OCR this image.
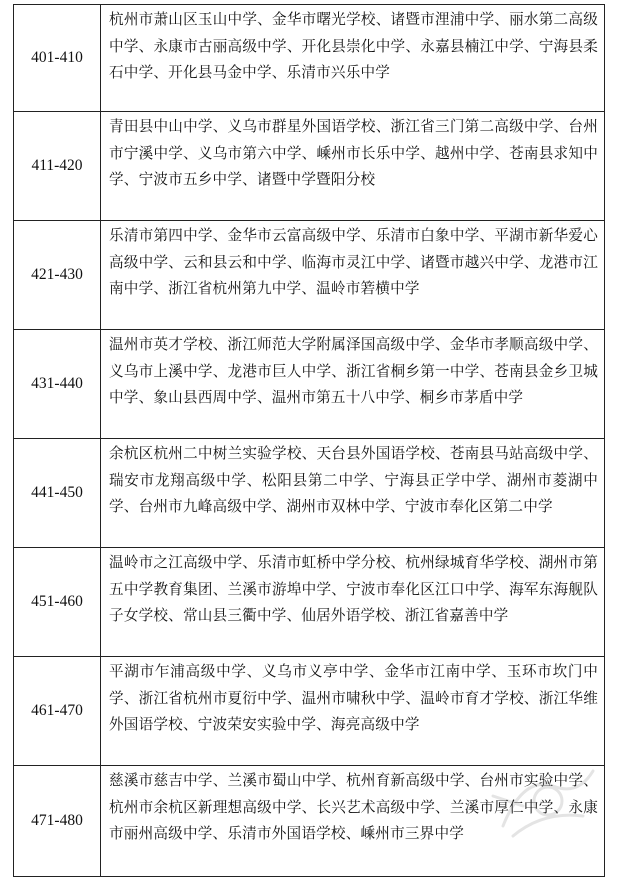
401-410	杭州市萧山区玉山中学、金华市曙光学校、诸暨市浬浦中学、丽水第二高级中学、永康市古丽高级中学、开化县崇化中学、永嘉县楠江中学、宁海县柔石中学、开化县马金中学、乐清市兴乐中学
411-420	青田县中山中学、义乌市群星外国语学校、浙江省三门第二高级中学、台州市宁溪中学、义乌市第六中学、嵊州市长乐中学、越州中学、苍南县求知中学、宁波市五乡中学、诸暨中学暨阳分校
421-430	乐清市第四中学、金华市云富高级中学、乐清市白象中学、平湖市新华爱心高级中学、云和县云和中学、临海市灵江中学、诸暨市越兴中学、龙港市江南中学、浙江省杭州第九中学、温岭市箬横中学
431-440	温州市英才学校、浙江师范大学附属泽国高级中学、金华市孝顺高级中学、义乌市上溪中学、龙港市巨人中学、浙江省桐乡第一中学、苍南县金乡卫城中学、象山县西周中学、温州市第五十八中学、桐乡市茅盾中学
441-450	余杭区杭州二中树兰实验学校、天台县外国语学校、苍南县马站高级中学、瑞安市龙翔高级中学、松阳县第二中学、宁海县正学中学、湖州市菱湖中学、台州市九峰高级中学、湖州市双林中学、宁波市奉化区第二中学
451-460	温岭市之江高级中学、乐清市虹桥中学分校、杭州绿城育华学校、湖州市第五中学教育集团、兰溪市游埠中学、宁波市奉化区江口中学、海军东海舰队子女学校、常山县三衢中学、仙居外语学校、浙江省嘉善中学
461-470	平湖市乍浦高级中学、义乌市义亭中学、金华市江南中学、玉环市坎门中学、浙江省杭州市夏衍中学、温州市啸秋中学、温岭市育才学校、浙江华维外国语学校、宁波荣安实验中学、海亮高级中学
471-480	慈溪市慈吉中学、兰溪市蜀山中学、杭州育新高级中学、台州市实验中学、杭州市余杭区新理想高级中学、长兴艺术高级中学、兰溪市厚仁中学、永康市丽州高级中学、乐清市外国语学校、嵊州市三界中学
